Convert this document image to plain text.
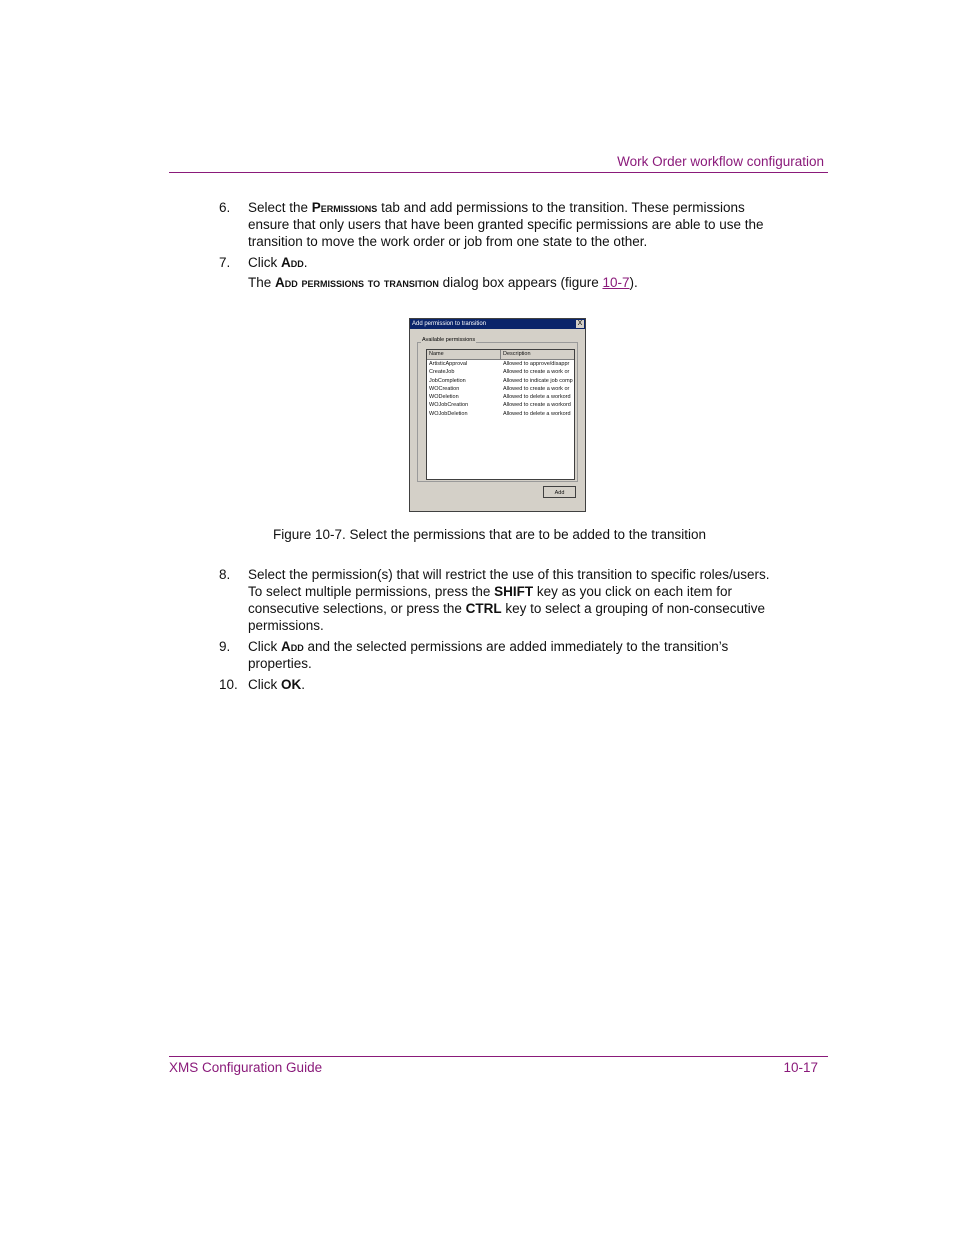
Work Order workflow configuration
6. Select the Permissions tab and add permissions to the transition. These permissions ensure that only users that have been granted specific permissions are able to use the transition to move the work order or job from one state to the other.
7. Click Add.
The Add permissions to transition dialog box appears (figure 10-7).
Add permission to transition	X
Available permissions
Name	Description
ArtisticApproval	Allowed to approve/disappr
CreateJob	Allowed to create a work or
JobCompletion	Allowed to indicate job comp
WOCreation	Allowed to create a work or
WODeletion	Allowed to delete a workord
WOJobCreation	Allowed to create a workord
WOJobDeletion	Allowed to delete a workord
Add
Figure 10-7. Select the permissions that are to be added to the transition
8. Select the permission(s) that will restrict the use of this transition to specific roles/users. To select multiple permissions, press the SHIFT key as you click on each item for consecutive selections, or press the CTRL key to select a grouping of non-consecutive permissions.
9. Click Add and the selected permissions are added immediately to the transition’s properties.
10. Click OK.
XMS Configuration Guide	10-17
